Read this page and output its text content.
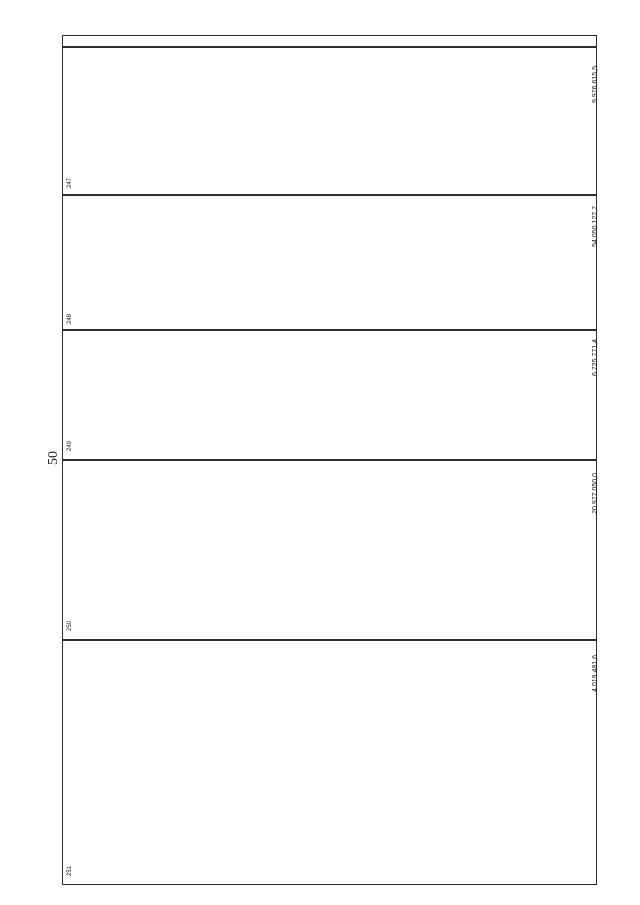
50
247
9 976 615,5
248
54 050 127,7
249
6 725 771,4
250
20 977 050,0
251
4 019 481,6
